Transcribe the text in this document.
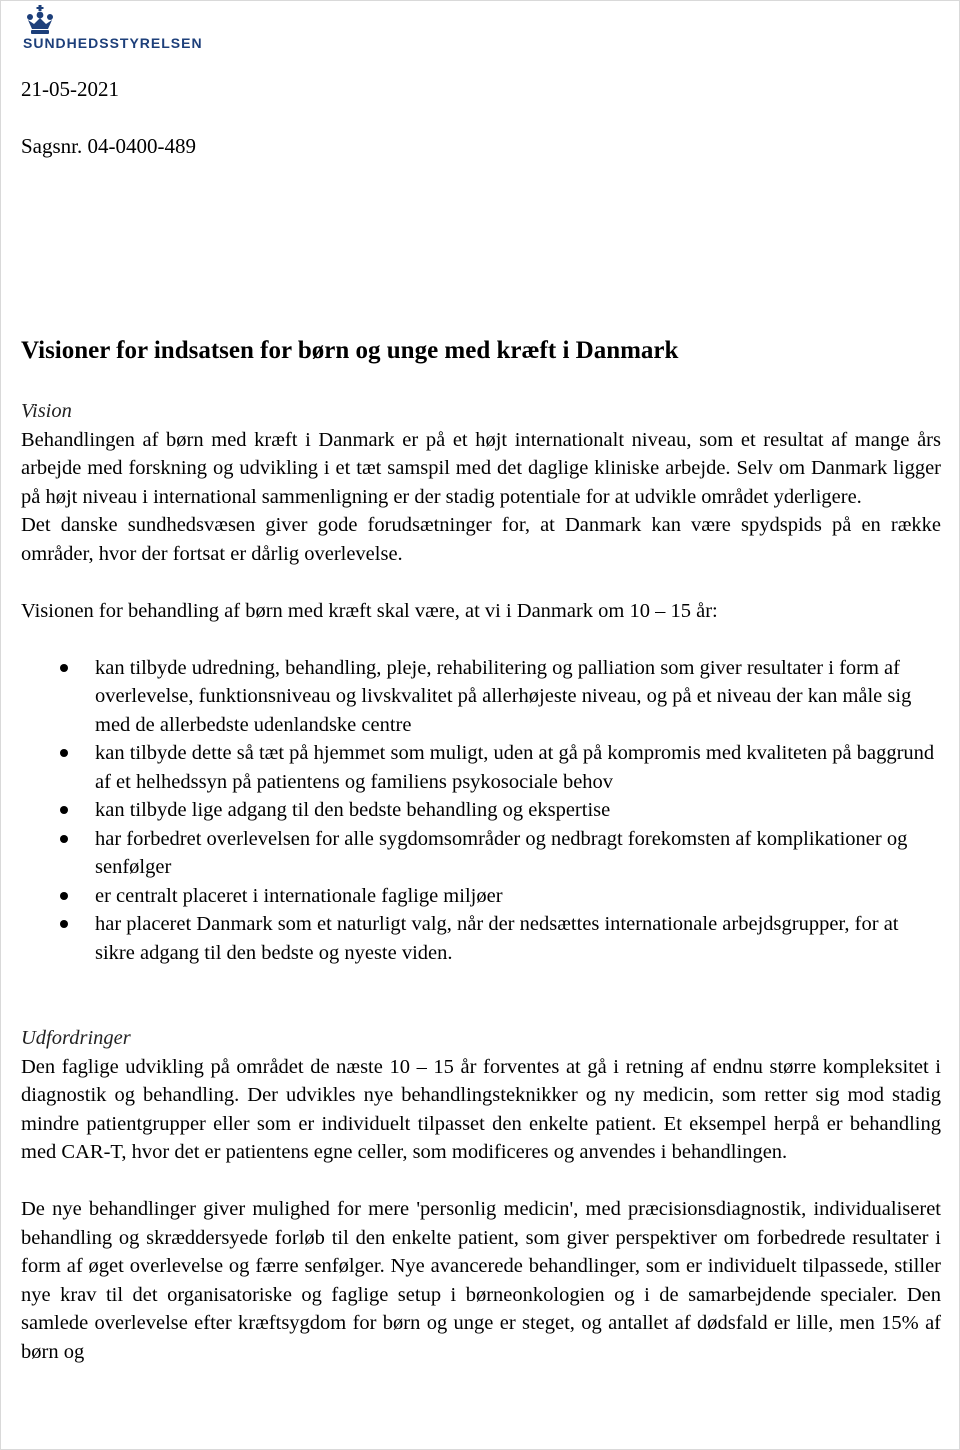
SUNDHEDSSTYRELSEN
21-05-2021
Sagsnr. 04-0400-489
Visioner for indsatsen for børn og unge med kræft i Danmark

Vision

Behandlingen af børn med kræft i Danmark er på et højt internationalt niveau, som et resultat af mange års arbejde med forskning og udvikling i et tæt samspil med det daglige kliniske arbejde. Selv om Danmark ligger på højt niveau i international sammenligning er der stadig potentiale for at udvikle området yderligere.

Det danske sundhedsvæsen giver gode forudsætninger for, at Danmark kan være spydspids på en række områder, hvor der fortsat er dårlig overlevelse.

Visionen for behandling af børn med kræft skal være, at vi i Danmark om 10 – 15 år:

kan tilbyde udredning, behandling, pleje, rehabilitering og palliation som giver resultater i form af overlevelse, funktionsniveau og livskvalitet på allerhøjeste niveau, og på et niveau der kan måle sig med de allerbedste udenlandske centre
kan tilbyde dette så tæt på hjemmet som muligt, uden at gå på kompromis med kvaliteten på baggrund af et helhedssyn på patientens og familiens psykosociale behov
kan tilbyde lige adgang til den bedste behandling og ekspertise
har forbedret overlevelsen for alle sygdomsområder og nedbragt forekomsten af komplikationer og senfølger
er centralt placeret i internationale faglige miljøer
har placeret Danmark som et naturligt valg, når der nedsættes internationale arbejdsgrupper, for at sikre adgang til den bedste og nyeste viden.

Udfordringer

Den faglige udvikling på området de næste 10 – 15 år forventes at gå i retning af endnu større kompleksitet i diagnostik og behandling. Der udvikles nye behandlingsteknikker og ny medicin, som retter sig mod stadig mindre patientgrupper eller som er individuelt tilpasset den enkelte patient. Et eksempel herpå er behandling med CAR-T, hvor det er patientens egne celler, som modificeres og anvendes i behandlingen.

De nye behandlinger giver mulighed for mere 'personlig medicin', med præcisionsdiagnostik, individualiseret behandling og skræddersyede forløb til den enkelte patient, som giver perspektiver om forbedrede resultater i form af øget overlevelse og færre senfølger. Nye avancerede behandlinger, som er individuelt tilpassede, stiller nye krav til det organisatoriske og faglige setup i børneonkologien og i de samarbejdende specialer. Den samlede overlevelse efter kræftsygdom for børn og unge er steget, og antallet af dødsfald er lille, men 15% af børn og
